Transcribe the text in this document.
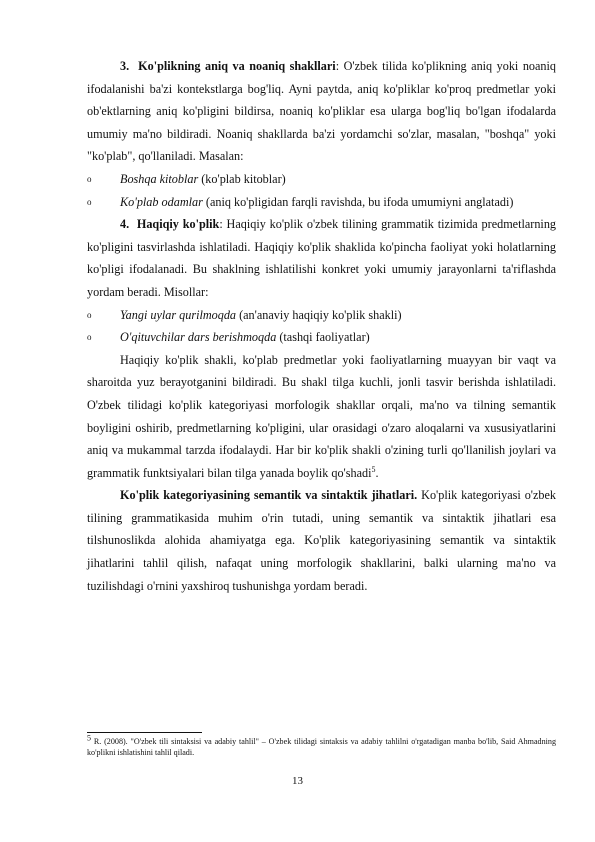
3. Ko'plikning aniq va noaniq shakllari: O'zbek tilida ko'plikning aniq yoki noaniq ifodalanishi ba'zi kontekstlarga bog'liq. Ayni paytda, aniq ko'pliklar ko'proq predmetlar yoki ob'ektlarning aniq ko'pligini bildirsa, noaniq ko'pliklar esa ularga bog'liq bo'lgan ifodalarda umumiy ma'no bildiradi. Noaniq shakllarda ba'zi yordamchi so'zlar, masalan, "boshqa" yoki "ko'plab", qo'llaniladi. Masalan:

o Boshqa kitoblar (ko'plab kitoblar)

o Ko'plab odamlar (aniq ko'pligidan farqli ravishda, bu ifoda umumiyni anglatadi)

4. Haqiqiy ko'plik: Haqiqiy ko'plik o'zbek tilining grammatik tizimida predmetlarning ko'pligini tasvirlashda ishlatiladi. Haqiqiy ko'plik shaklida ko'pincha faoliyat yoki holatlarning ko'pligi ifodalanadi. Bu shaklning ishlatilishi konkret yoki umumiy jarayonlarni ta'riflashda yordam beradi. Misollar:

o Yangi uylar qurilmoqda (an'anaviy haqiqiy ko'plik shakli)

o O'qituvchilar dars berishmoqda (tashqi faoliyatlar)

Haqiqiy ko'plik shakli, ko'plab predmetlar yoki faoliyatlarning muayyan bir vaqt va sharoitda yuz berayotganini bildiradi. Bu shakl tilga kuchli, jonli tasvir berishda ishlatiladi. O'zbek tilidagi ko'plik kategoriyasi morfologik shakllar orqali, ma'no va tilning semantik boyligini oshirib, predmetlarning ko'pligini, ular orasidagi o'zaro aloqalarni va xususiyatlarini aniq va mukammal tarzda ifodalaydi. Har bir ko'plik shakli o'zining turli qo'llanilish joylari va grammatik funktsiyalari bilan tilga yanada boylik qo'shadi$^5$.

Ko'plik kategoriyasining semantik va sintaktik jihatlari. Ko'plik kategoriyasi o'zbek tilining grammatikasida muhim o'rin tutadi, uning semantik va sintaktik jihatlari esa tilshunoslikda alohida ahamiyatga ega. Ko'plik kategoriyasining semantik va sintaktik jihatlarini tahlil qilish, nafaqat uning morfologik shakllarini, balki ularning ma'no va tuzilishdagi o'rnini yaxshiroq tushunishga yordam beradi.

$^5$ R. (2008). "O'zbek tili sintaksisi va adabiy tahlil" – O'zbek tilidagi sintaksis va adabiy tahlilni o'rgatadigan manba bo'lib, Said Ahmadning ko'plikni ishlatishini tahlil qiladi.
13
